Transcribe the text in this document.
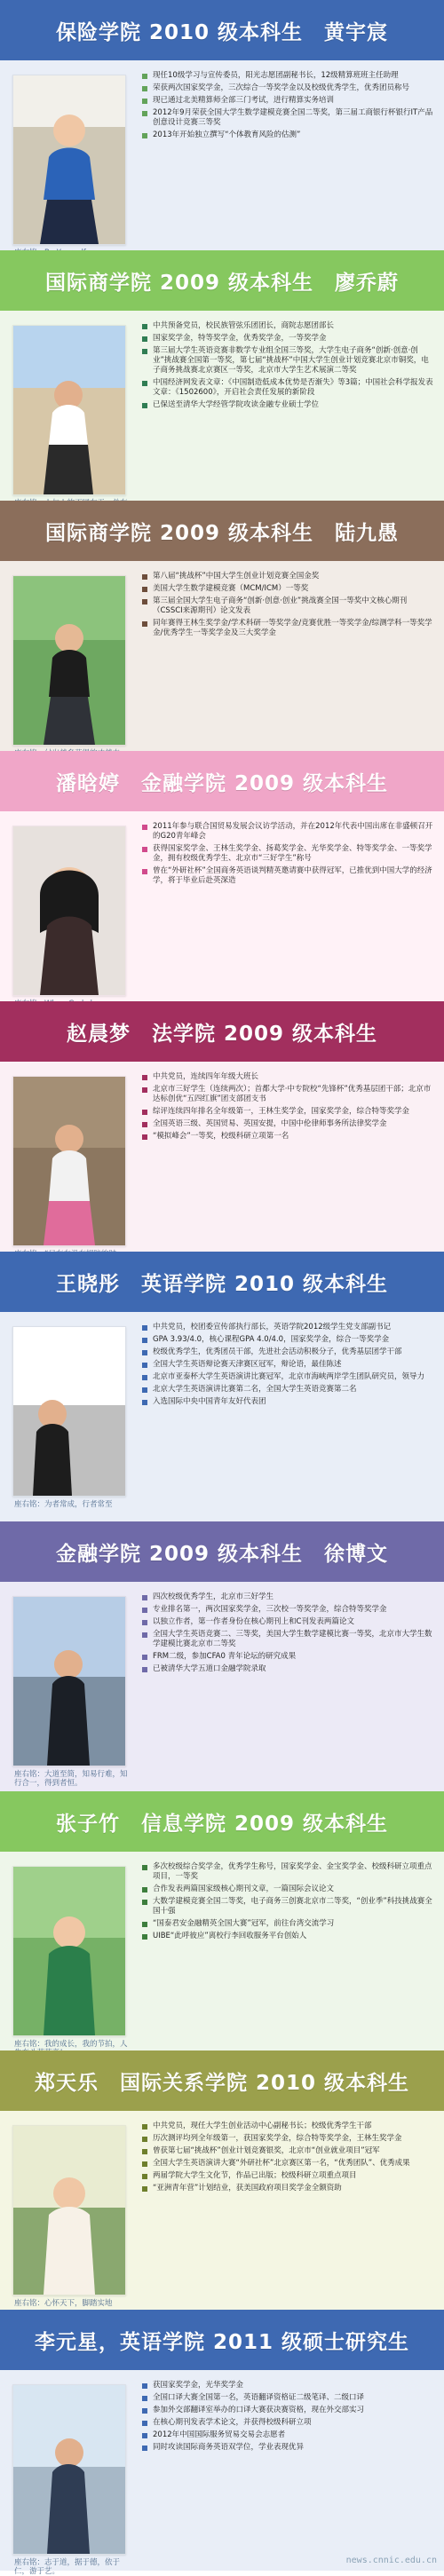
保险学院 2010 级本科生　黄宇宸
现任10级学习与宣传委员，阳光志愿团副秘书长，12级精算班班主任助理
荣获两次国家奖学金，三次综合一等奖学金以及校级优秀学生，优秀团员称号
现已通过北美精算师全部三门考试，进行精算实务培训
2012年9月荣获全国大学生数学建模竞赛全国二等奖，第三届工商银行杯银行IT产品创意设计竞赛三等奖
2013年开始独立撰写“个体教育风险的估测”
国际商学院 2009 级本科生　廖乔蔚
中共预备党员，校民族管弦乐团团长，商院志愿团部长
国家奖学金，特等奖学金，优秀奖学金，一等奖学金
第三届大学生英语竞赛非数学专业组全国三等奖，大学生电子商务“创新·创意·创业”挑战赛全国第一等奖，第七届“挑战杯”中国大学生创业计划竞赛北京市铜奖，电子商务挑战赛北京赛区一等奖，北京市大学生艺术展演二等奖
中国经济网发表文章：《中国制造低成本优势是否渐失》等3篇；中国社会科学报发表文章：《1502600》，开启社会责任发展的新阶段
已保送至清华大学经管学院攻读金融专业硕士学位
国际商学院 2009 级本科生　陆九愚
第八届“挑战杯”中国大学生创业计划竞赛全国金奖
美国大学生数学建模竞赛（MCM/ICM）一等奖
第三届全国大学生电子商务“创新·创意·创业”挑战赛全国一等奖中文核心期刊（CSSCI来源期刊）论文发表
同年赛得王林生奖学金/学术科研一等奖学金/竞赛优胜一等奖学金/综测学科一等奖学金/优秀学生一等奖学金及三大奖学金
潘晗婷　金融学院 2009 级本科生
2011年参与联合国贸易发展会议访学活动，并在2012年代表中国出席在非盛顿召开的G20青年峰会
获得国家奖学金、王林生奖学金、扬葛奖学金、光华奖学金、特等奖学金、一等奖学金，拥有校级优秀学生、北京市“三好学生”称号
曾在“外研社杯”全国商务英语谈判精英邀请赛中获得冠军，已推优到中国大学的经济学，将于毕业后赴英深造
赵晨梦　法学院 2009 级本科生
中共党员，连续四年年级大班长
北京市三好学生（连续两次）；首都大学·中专院校“先锋杯”优秀基层团干部；北京市达标创优“五四红旗”团支部团支书
综评连续四年排名全年级第一，王林生奖学金，国家奖学金，综合特等奖学金
全国英语三级、英国贸易、英国安提，中国中伦律师事务所法律奖学金
“模拟峰会”一等奖，校级科研立项第一名
王晓彤　英语学院 2010 级本科生
座右铭：为者常成，行者常至
中共党员，校团委宣传部执行部长，英语学院2012级学生党支部副书记
GPA 3.93/4.0，核心课程GPA 4.0/4.0，国家奖学金，综合一等奖学金
校级优秀学生，优秀团员干部，先进社会活动积极分子，优秀基层团学干部
全国大学生英语辩论赛天津赛区冠军，辩论语，最佳陈述
北京市亚泰杯大学生英语演讲比赛冠军，北京市海峡两岸学生团队研究员，领导力
北京大学生英语演讲比赛第二名，全国大学生英语竞赛第二名
入选国际中央中国青年友好代表团
金融学院 2009 级本科生　徐博文
座右铭：大道至简，知易行难，知行合一，得到者恒。
四次校级优秀学生，北京市三好学生
专业排名第一，两次国家奖学金，三次校一等奖学金，综合特等奖学金
以独立作者，第一作者身份在核心期刊上和C刊发表两篇论文
全国大学生英语竞赛二、三等奖，美国大学生数学建模比赛一等奖，北京市大学生数学建模比赛北京市二等奖
FRM二级，参加CFA0 青年论坛的研究成果
已被清华大学五道口金融学院录取
张子竹　信息学院 2009 级本科生
座右铭：我的成长，我的节拍，人
多次校级综合奖学金，优秀学生称号，国家奖学金、金宝奖学金、校级科研立项重点项目，一等奖
合作发表两篇国家级核心期刊文章，一篇国际会议论文
大数学建模竞赛全国二等奖，电子商务三创赛北京市二等奖，“创业季”科技挑战赛全国十强
“国泰君安金融精英全国大赛”冠军，前往台湾交流学习
UIBE“此呼彼应”离校行李回收服务平台创始人
郑天乐　国际关系学院 2010 级本科生
座右铭：心怀天下，脚踏实地
中共党员，现任大学生创业活动中心副秘书长；校级优秀学生干部
历次测评均列全年级第一，获国家奖学金，综合特等奖学金，王林生奖学金
曾获第七届“挑战杯”创业计划竞赛银奖，北京市“创业就业项目”冠军
全国大学生英语演讲大赛“外研社杯”北京赛区第一名，“优秀团队”、优秀成果
两届学院大学生文化节，作品已出版；校级科研立项重点项目
“亚洲青年营”计划结业，获美国政府项目奖学金全额资助
李元星，英语学院 2011 级硕士研究生
座右铭：志于道，据于德，依于仁，游于艺。
获国家奖学金，光华奖学金
全国口译大赛全国第一名，英语翻译资格证二级笔译、二级口译
参加外交部翻译室举办的口译大赛获决赛资格，现在外交部实习
在核心期刊发表学术论文，并获得校级科研立项
2012年中国国际服务贸易交易会志愿者
同时攻读国际商务英语双学位，学业表现优异
news.cnnic.edu.cn
